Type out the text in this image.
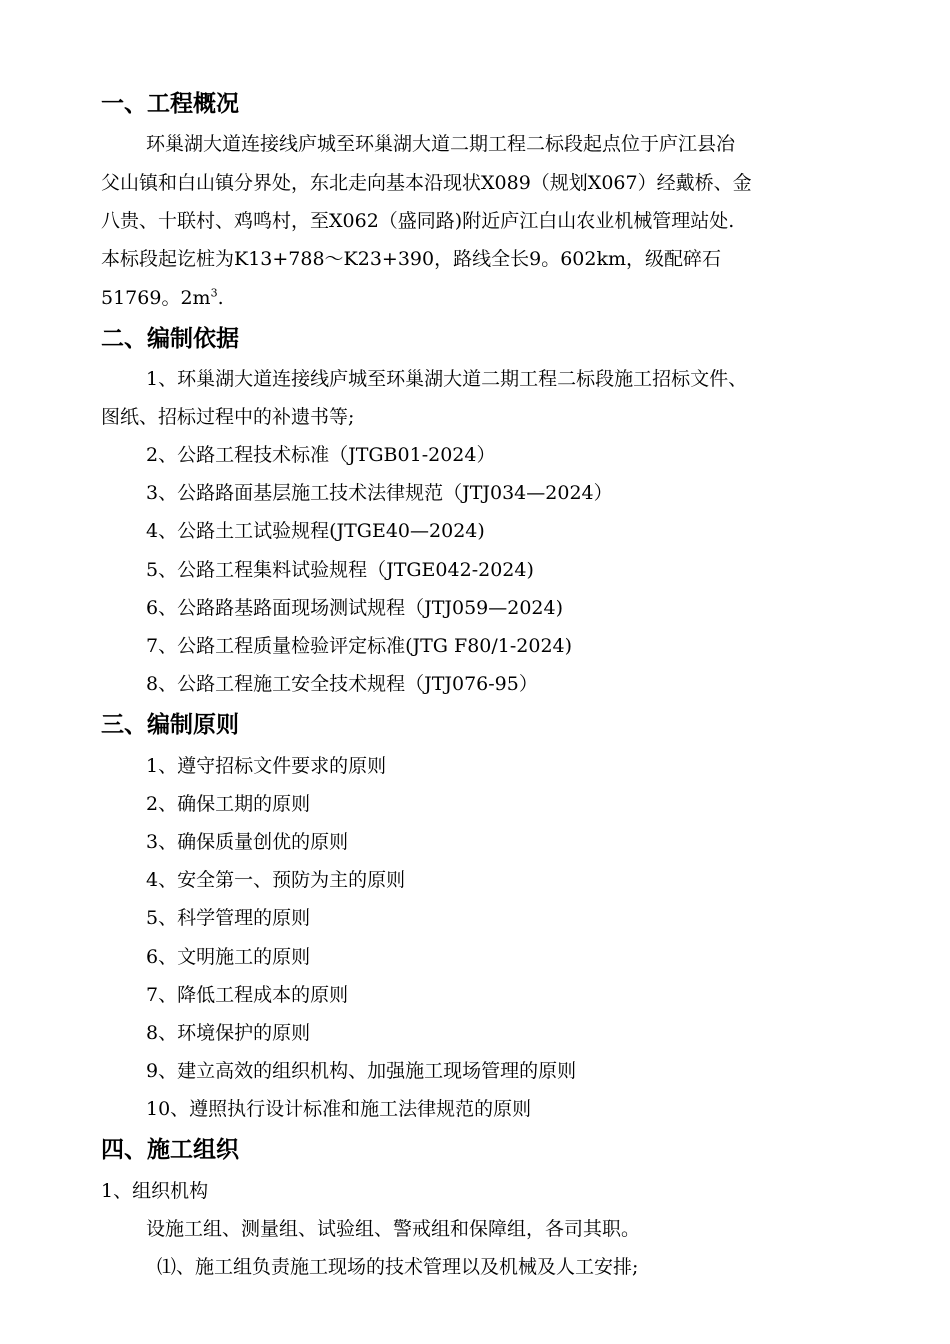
一、工程概况
环巢湖大道连接线庐城至环巢湖大道二期工程二标段起点位于庐江县冶
父山镇和白山镇分界处，东北走向基本沿现状X089（规划X067）经戴桥、金
八贵、十联村、鸡鸣村，至X062（盛同路)附近庐江白山农业机械管理站处.
本标段起讫桩为K13+788～K23+390，路线全长9。602km，级配碎石
51769。$2m^3$.
二、编制依据
1、环巢湖大道连接线庐城至环巢湖大道二期工程二标段施工招标文件、
图纸、招标过程中的补遗书等;
2、公路工程技术标准（JTGB01-2024）
3、公路路面基层施工技术法律规范（JTJ034—2024）
4、公路土工试验规程(JTGE40—2024)
5、公路工程集料试验规程（JTGE042-2024)
6、公路路基路面现场测试规程（JTJ059—2024)
7、公路工程质量检验评定标准(JTG F80/1-2024)
8、公路工程施工安全技术规程（JTJ076-95）
三、编制原则
1、遵守招标文件要求的原则
2、确保工期的原则
3、确保质量创优的原则
4、安全第一、预防为主的原则
5、科学管理的原则
6、文明施工的原则
7、降低工程成本的原则
8、环境保护的原则
9、建立高效的组织机构、加强施工现场管理的原则
10、遵照执行设计标准和施工法律规范的原则
四、施工组织
1、组织机构
设施工组、测量组、试验组、警戒组和保障组，各司其职。
⑴、施工组负责施工现场的技术管理以及机械及人工安排;
